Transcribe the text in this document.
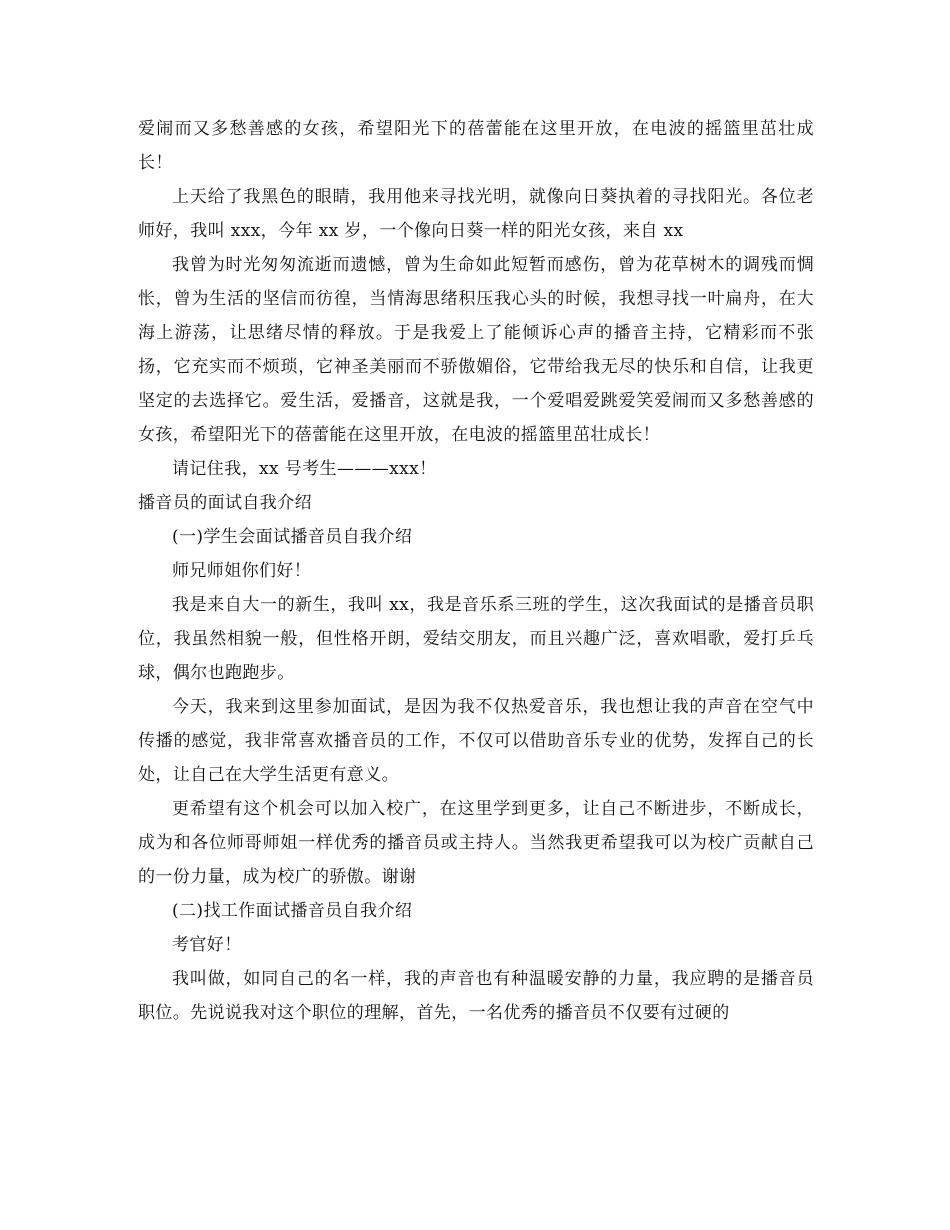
爱闹而又多愁善感的女孩，希望阳光下的蓓蕾能在这里开放，在电波的摇篮里茁壮成长！

上天给了我黑色的眼睛，我用他来寻找光明，就像向日葵执着的寻找阳光。各位老师好，我叫 xxx，今年 xx 岁，一个像向日葵一样的阳光女孩，来自 xx

我曾为时光匆匆流逝而遗憾，曾为生命如此短暂而感伤，曾为花草树木的调残而惆怅，曾为生活的坚信而彷徨，当情海思绪积压我心头的时候，我想寻找一叶扁舟，在大海上游荡，让思绪尽情的释放。于是我爱上了能倾诉心声的播音主持，它精彩而不张扬，它充实而不烦琐，它神圣美丽而不骄傲媚俗，它带给我无尽的快乐和自信，让我更坚定的去选择它。爱生活，爱播音，这就是我，一个爱唱爱跳爱笑爱闹而又多愁善感的女孩，希望阳光下的蓓蕾能在这里开放，在电波的摇篮里茁壮成长！

请记住我，xx 号考生———xxx！

播音员的面试自我介绍

(一)学生会面试播音员自我介绍

师兄师姐你们好！

我是来自大一的新生，我叫 xx，我是音乐系三班的学生，这次我面试的是播音员职位，我虽然相貌一般，但性格开朗，爱结交朋友，而且兴趣广泛，喜欢唱歌，爱打乒乓球，偶尔也跑跑步。

今天，我来到这里参加面试，是因为我不仅热爱音乐，我也想让我的声音在空气中传播的感觉，我非常喜欢播音员的工作，不仅可以借助音乐专业的优势，发挥自己的长处，让自己在大学生活更有意义。

更希望有这个机会可以加入校广，在这里学到更多，让自己不断进步，不断成长，成为和各位师哥师姐一样优秀的播音员或主持人。当然我更希望我可以为校广贡献自己的一份力量，成为校广的骄傲。谢谢

(二)找工作面试播音员自我介绍

考官好！

我叫做，如同自己的名一样，我的声音也有种温暖安静的力量，我应聘的是播音员职位。先说说我对这个职位的理解，首先，一名优秀的播音员不仅要有过硬的
